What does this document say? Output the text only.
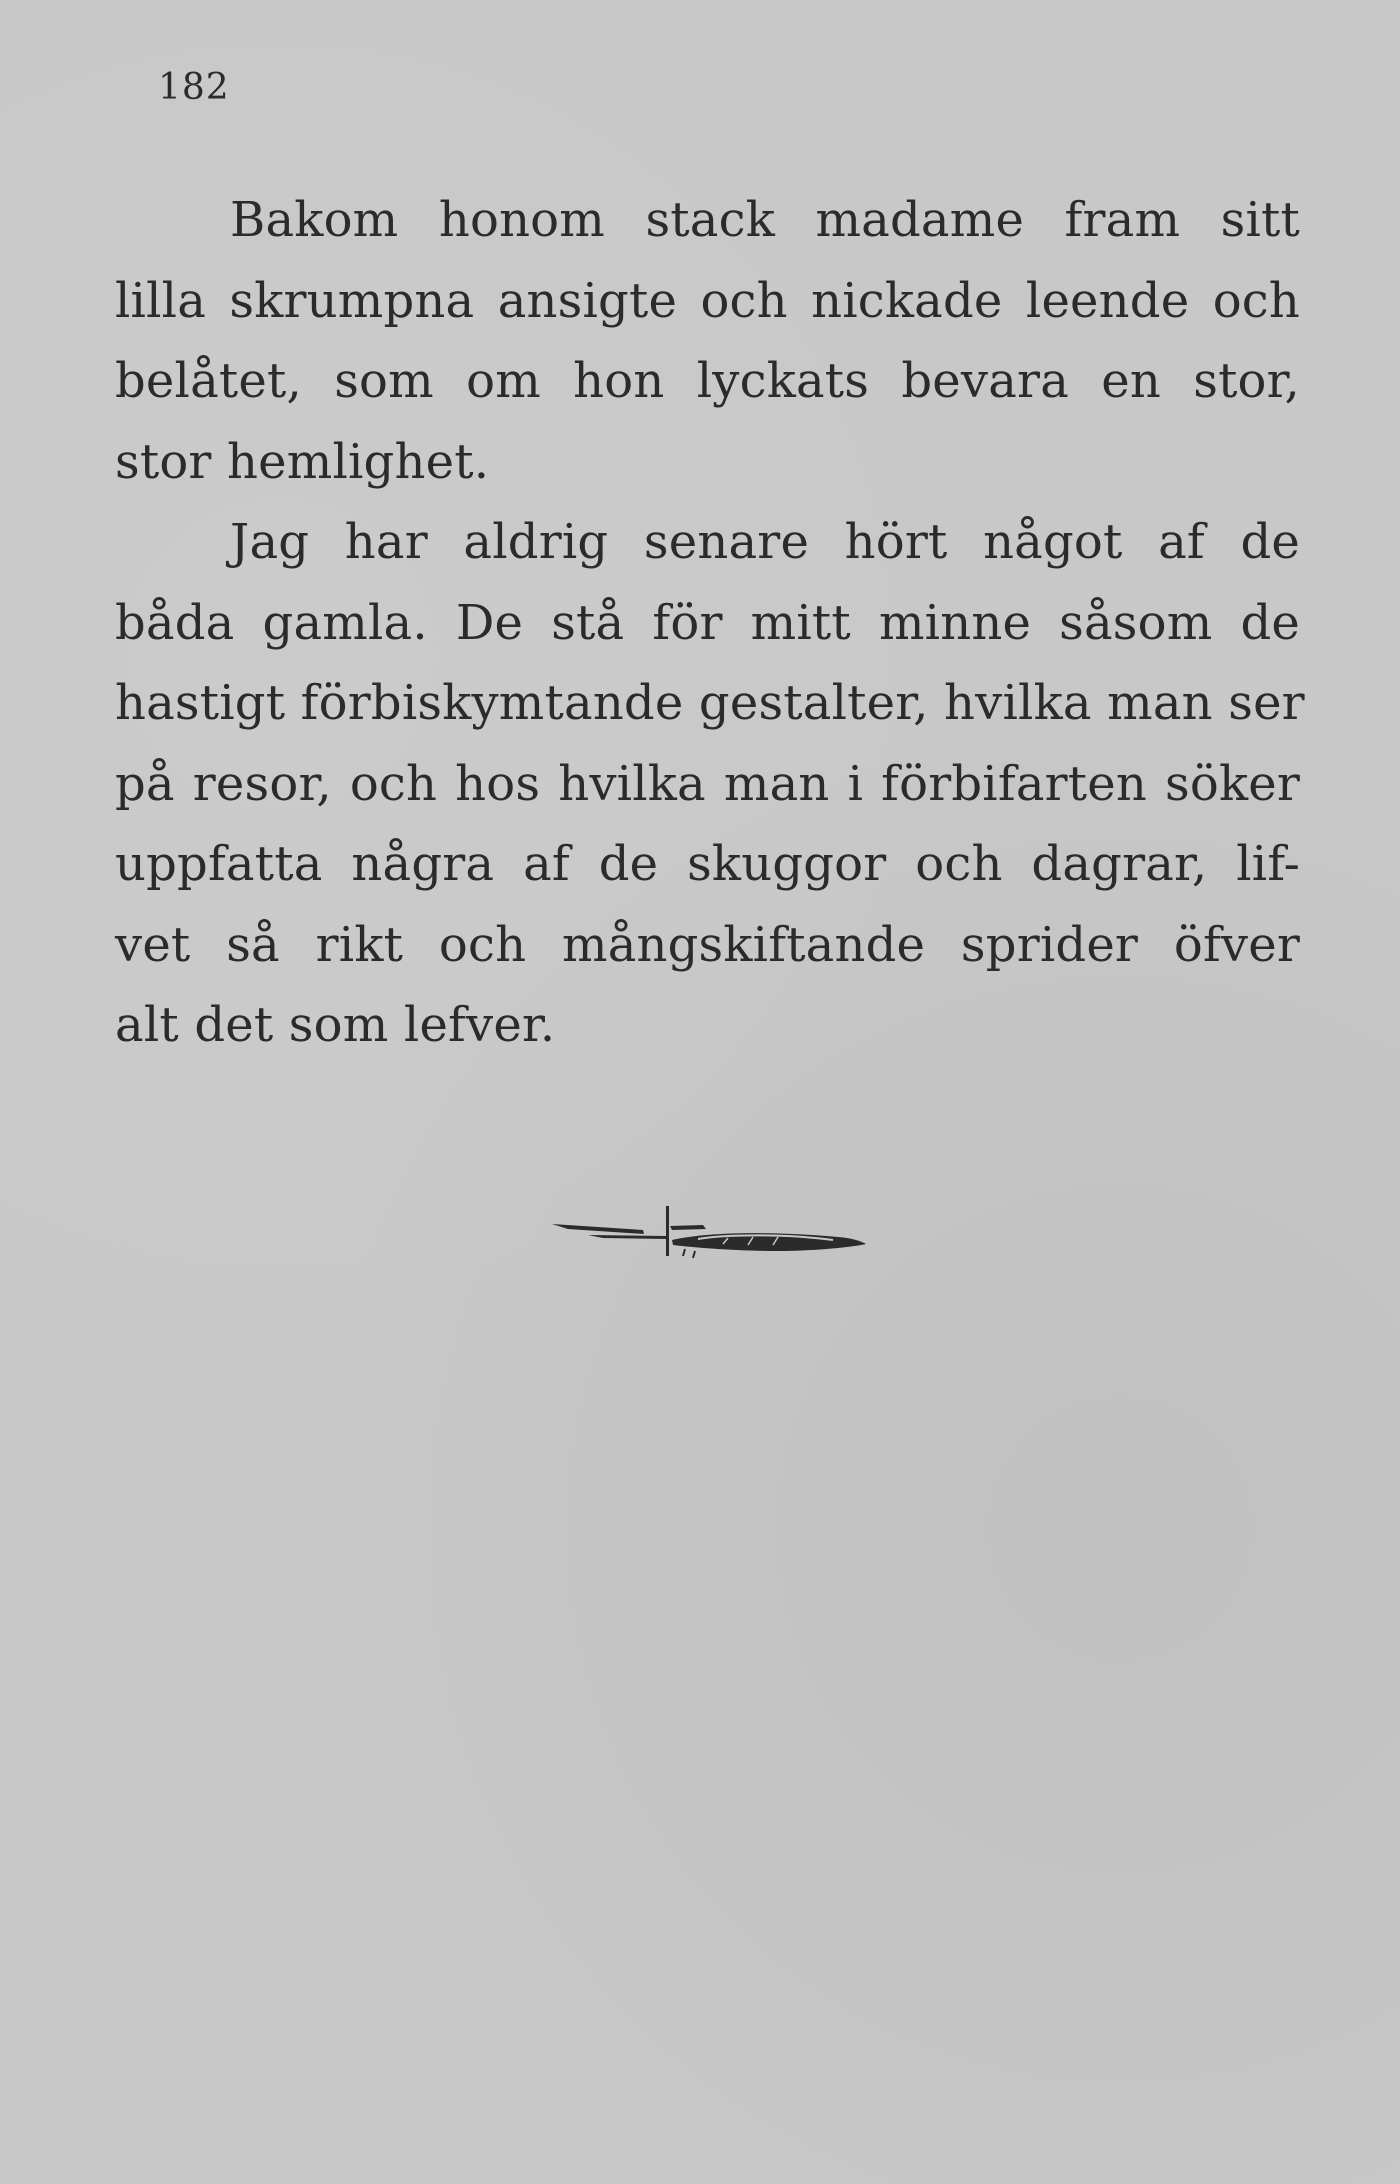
182
Bakom honom stack madame fram sitt
lilla skrumpna ansigte och nickade leende och
belåtet, som om hon lyckats bevara en stor,
stor hemlighet.
Jag har aldrig senare hört något af de
båda gamla. De stå för mitt minne såsom de
hastigt förbiskymtande gestalter, hvilka man ser
på resor, och hos hvilka man i förbifarten söker
uppfatta några af de skuggor och dagrar, lif-
vet så rikt och mångskiftande sprider öfver
alt det som lefver.
